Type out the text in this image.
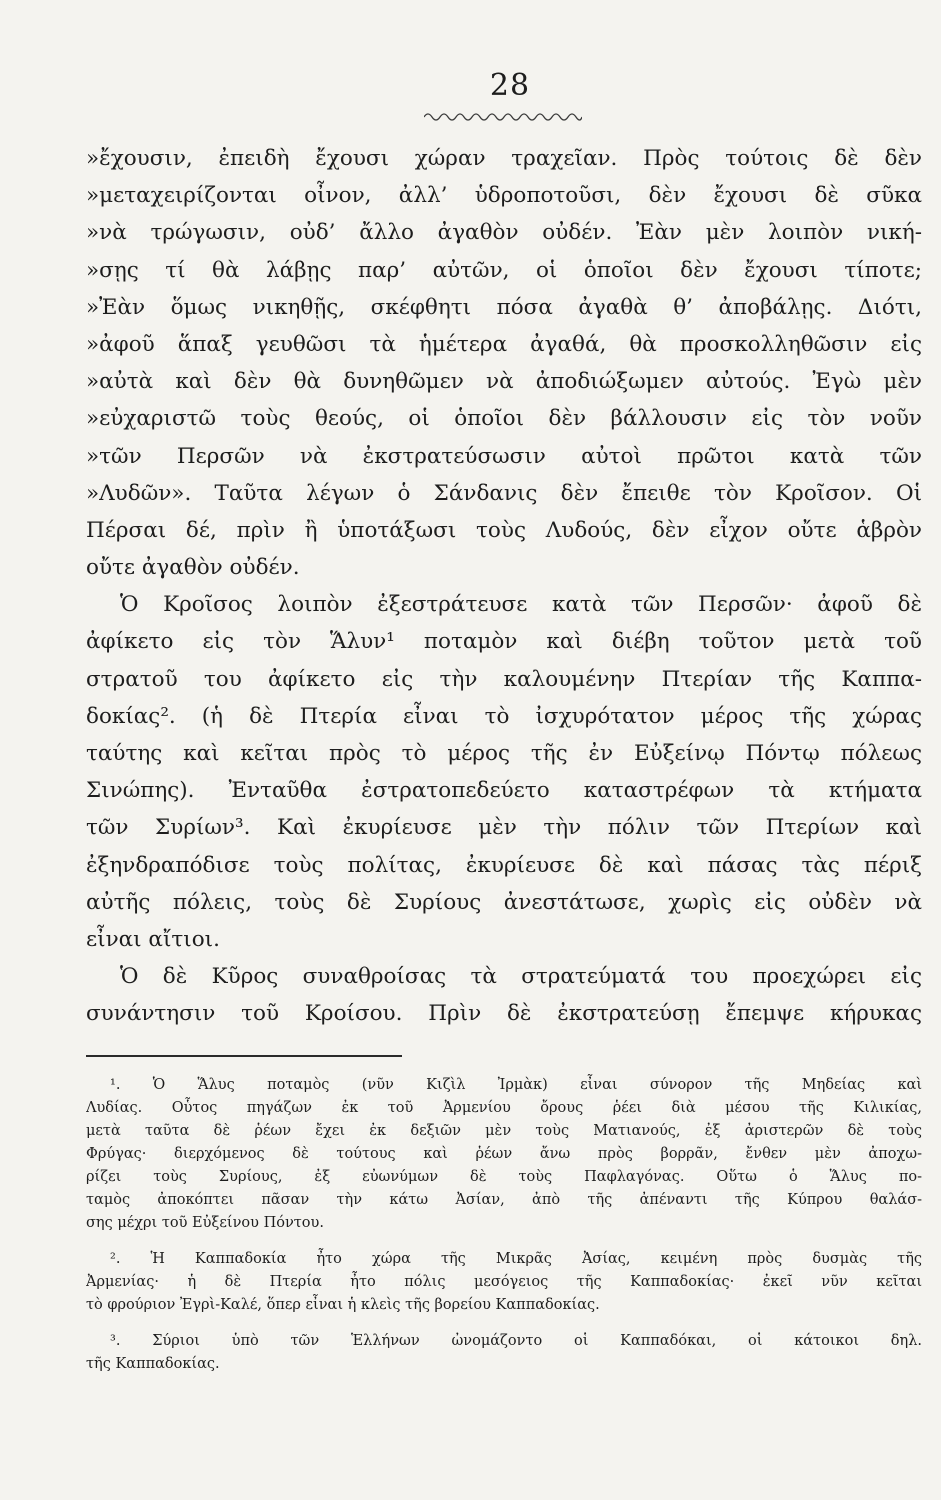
28
»ἔχουσιν, ἐπειδὴ ἔχουσι χώραν τραχεῖαν. Πρὸς τούτοις δὲ δὲν
»μεταχειρίζονται οἶνον, ἀλλ’ ὑδροποτοῦσι, δὲν ἔχουσι δὲ σῦκα
»νὰ τρώγωσιν, οὐδ’ ἄλλο ἀγαθὸν οὐδέν. Ἐὰν μὲν λοιπὸν νική-
»σῃς τί θὰ λάβῃς παρ’ αὐτῶν, οἱ ὁποῖοι δὲν ἔχουσι τίποτε;
»Ἐὰν ὅμως νικηθῇς, σκέφθητι πόσα ἀγαθὰ θ’ ἀποβάλῃς. Διότι,
»ἀφοῦ ἅπαξ γευθῶσι τὰ ἡμέτερα ἀγαθά, θὰ προσκολληθῶσιν εἰς
»αὐτὰ καὶ δὲν θὰ δυνηθῶμεν νὰ ἀποδιώξωμεν αὐτούς. Ἐγὼ μὲν
»εὐχαριστῶ τοὺς θεούς, οἱ ὁποῖοι δὲν βάλλουσιν εἰς τὸν νοῦν
»τῶν Περσῶν νὰ ἐκστρατεύσωσιν αὐτοὶ πρῶτοι κατὰ τῶν
»Λυδῶν». Ταῦτα λέγων ὁ Σάνδανις δὲν ἔπειθε τὸν Κροῖσον. Οἱ
Πέρσαι δέ, πρὶν ἢ ὑποτάξωσι τοὺς Λυδούς, δὲν εἶχον οὔτε ἁβρὸν
οὔτε ἀγαθὸν οὐδέν.
Ὁ Κροῖσος λοιπὸν ἐξεστράτευσε κατὰ τῶν Περσῶν· ἀφοῦ δὲ
ἀφίκετο εἰς τὸν Ἅλυν¹ ποταμὸν καὶ διέβη τοῦτον μετὰ τοῦ
στρατοῦ του ἀφίκετο εἰς τὴν καλουμένην Πτερίαν τῆς Καππα-
δοκίας². (ἡ δὲ Πτερία εἶναι τὸ ἰσχυρότατον μέρος τῆς χώρας
ταύτης καὶ κεῖται πρὸς τὸ μέρος τῆς ἐν Εὐξείνῳ Πόντῳ πόλεως
Σινώπης). Ἐνταῦθα ἐστρατοπεδεύετο καταστρέφων τὰ κτήματα
τῶν Συρίων³. Καὶ ἐκυρίευσε μὲν τὴν πόλιν τῶν Πτερίων καὶ
ἐξηνδραπόδισε τοὺς πολίτας, ἐκυρίευσε δὲ καὶ πάσας τὰς πέριξ
αὐτῆς πόλεις, τοὺς δὲ Συρίους ἀνεστάτωσε, χωρὶς εἰς οὐδὲν νὰ
εἶναι αἴτιοι.
Ὁ δὲ Κῦρος συναθροίσας τὰ στρατεύματά του προεχώρει εἰς
συνάντησιν τοῦ Κροίσου. Πρὶν δὲ ἐκστρατεύσῃ ἔπεμψε κήρυκας
¹. Ὁ Ἅλυς ποταμὸς (νῦν Κιζὶλ Ἰρμὰκ) εἶναι σύνορον τῆς Μηδείας καὶ
Λυδίας. Οὗτος πηγάζων ἐκ τοῦ Ἀρμενίου ὄρους ῥέει διὰ μέσου τῆς Κιλικίας,
μετὰ ταῦτα δὲ ῥέων ἔχει ἐκ δεξιῶν μὲν τοὺς Ματιανούς, ἐξ ἀριστερῶν δὲ τοὺς
Φρύγας· διερχόμενος δὲ τούτους καὶ ῥέων ἄνω πρὸς βορρᾶν, ἔνθεν μὲν ἀποχω-
ρίζει τοὺς Συρίους, ἐξ εὐωνύμων δὲ τοὺς Παφλαγόνας. Οὕτω ὁ Ἅλυς πο-
ταμὸς ἀποκόπτει πᾶσαν τὴν κάτω Ἀσίαν, ἀπὸ τῆς ἀπέναντι τῆς Κύπρου θαλάσ-
σης μέχρι τοῦ Εὐξείνου Πόντου.
². Ἡ Καππαδοκία ἦτο χώρα τῆς Μικρᾶς Ἀσίας, κειμένη πρὸς δυσμὰς τῆς
Ἀρμενίας· ἡ δὲ Πτερία ἦτο πόλις μεσόγειος τῆς Καππαδοκίας· ἐκεῖ νῦν κεῖται
τὸ φρούριον Ἐγρὶ-Καλέ, ὅπερ εἶναι ἡ κλεὶς τῆς βορείου Καππαδοκίας.
³. Σύριοι ὑπὸ τῶν Ἑλλήνων ὠνομάζοντο οἱ Καππαδόκαι, οἱ κάτοικοι δηλ.
τῆς Καππαδοκίας.
